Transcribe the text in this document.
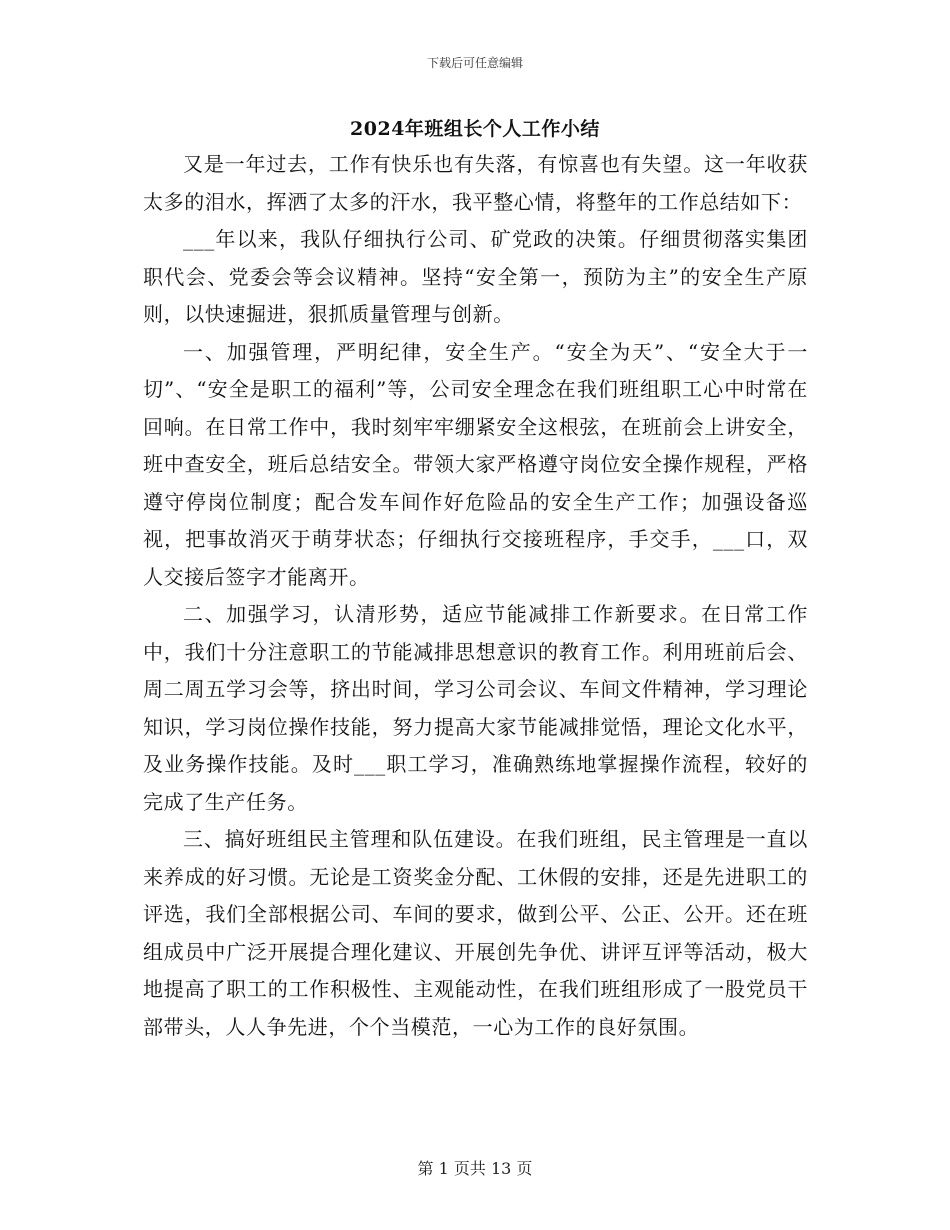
下载后可任意编辑
2024年班组长个人工作小结

又是一年过去，工作有快乐也有失落，有惊喜也有失望。这一年收获太多的泪水，挥洒了太多的汗水，我平整心情，将整年的工作总结如下：

___年以来，我队仔细执行公司、矿党政的决策。仔细贯彻落实集团职代会、党委会等会议精神。坚持“安全第一，预防为主”的安全生产原则，以快速掘进，狠抓质量管理与创新。

一、加强管理，严明纪律，安全生产。“安全为天”、“安全大于一切”、“安全是职工的福利”等，公司安全理念在我们班组职工心中时常在回响。在日常工作中，我时刻牢牢绷紧安全这根弦，在班前会上讲安全，班中查安全，班后总结安全。带领大家严格遵守岗位安全操作规程，严格遵守停岗位制度；配合发车间作好危险品的安全生产工作；加强设备巡视，把事故消灭于萌芽状态；仔细执行交接班程序，手交手，___口，双人交接后签字才能离开。

二、加强学习，认清形势，适应节能减排工作新要求。在日常工作中，我们十分注意职工的节能减排思想意识的教育工作。利用班前后会、周二周五学习会等，挤出时间，学习公司会议、车间文件精神，学习理论知识，学习岗位操作技能，努力提高大家节能减排觉悟，理论文化水平，及业务操作技能。及时___职工学习，准确熟练地掌握操作流程，较好的完成了生产任务。

三、搞好班组民主管理和队伍建设。在我们班组，民主管理是一直以来养成的好习惯。无论是工资奖金分配、工休假的安排，还是先进职工的评选，我们全部根据公司、车间的要求，做到公平、公正、公开。还在班组成员中广泛开展提合理化建议、开展创先争优、讲评互评等活动，极大地提高了职工的工作积极性、主观能动性，在我们班组形成了一股党员干部带头，人人争先进，个个当模范，一心为工作的良好氛围。

第 1 页共 13 页
